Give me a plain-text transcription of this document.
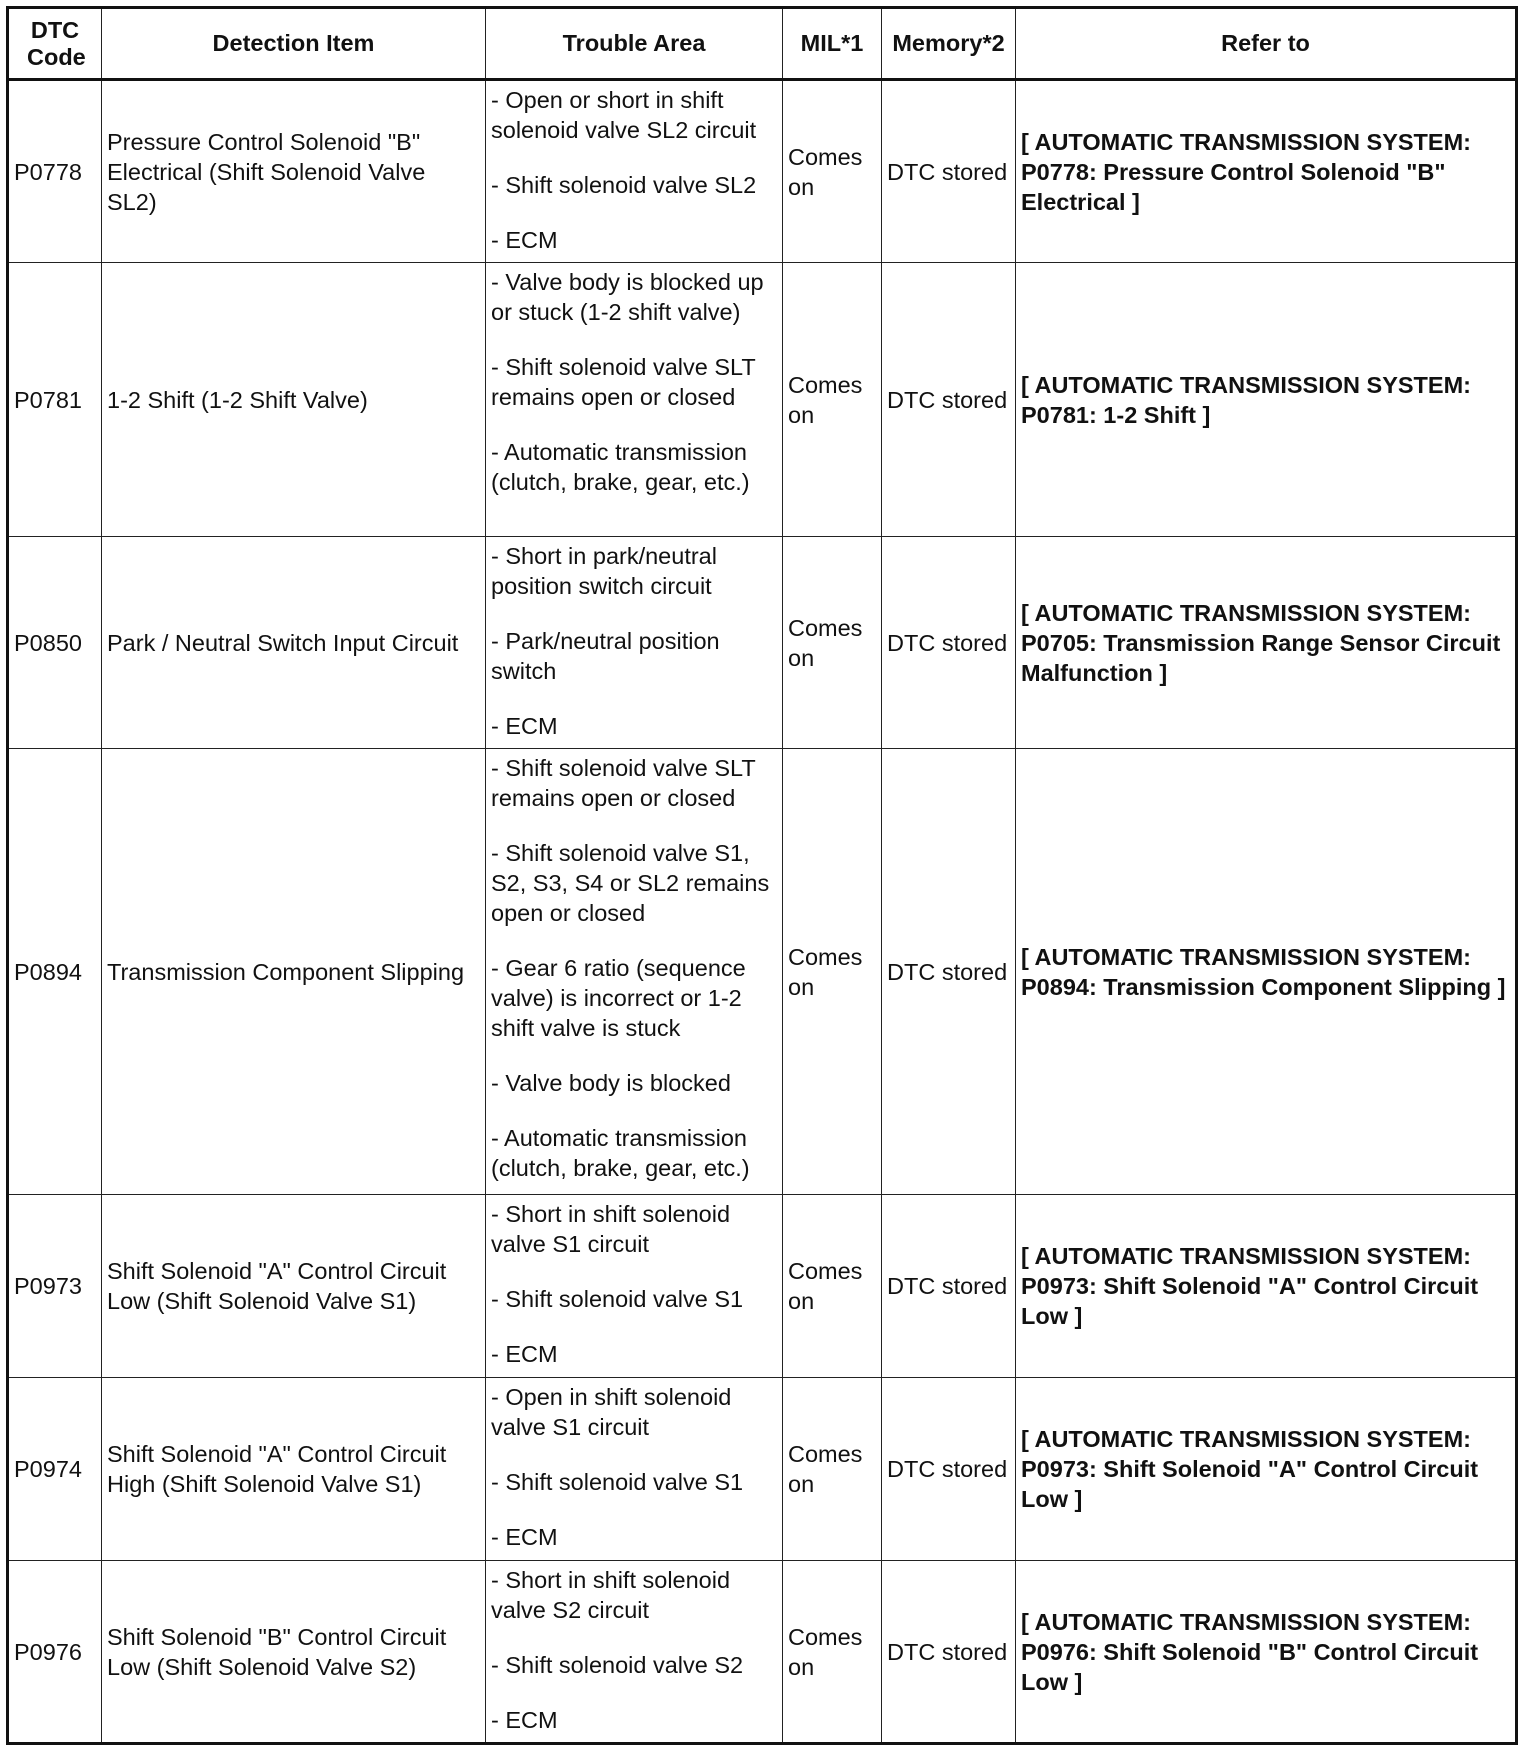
DTC Code	Detection Item	Trouble Area	MIL*1	Memory*2	Refer to
P0778	Pressure Control Solenoid "B" Electrical (Shift Solenoid Valve SL2)	- Open or short in shift solenoid valve SL2 circuit
- Shift solenoid valve SL2
- ECM	Comes on	DTC stored	[ AUTOMATIC TRANSMISSION SYSTEM: P0778: Pressure Control Solenoid "B" Electrical ]
P0781	1-2 Shift (1-2 Shift Valve)	- Valve body is blocked up or stuck (1-2 shift valve)
- Shift solenoid valve SLT remains open or closed
- Automatic transmission (clutch, brake, gear, etc.)	Comes on	DTC stored	[ AUTOMATIC TRANSMISSION SYSTEM: P0781: 1-2 Shift ]
P0850	Park / Neutral Switch Input Circuit	- Short in park/neutral position switch circuit
- Park/neutral position switch
- ECM	Comes on	DTC stored	[ AUTOMATIC TRANSMISSION SYSTEM: P0705: Transmission Range Sensor Circuit Malfunction ]
P0894	Transmission Component Slipping	- Shift solenoid valve SLT remains open or closed
- Shift solenoid valve S1, S2, S3, S4 or SL2 remains open or closed
- Gear 6 ratio (sequence valve) is incorrect or 1-2 shift valve is stuck
- Valve body is blocked
- Automatic transmission (clutch, brake, gear, etc.)	Comes on	DTC stored	[ AUTOMATIC TRANSMISSION SYSTEM: P0894: Transmission Component Slipping ]
P0973	Shift Solenoid "A" Control Circuit Low (Shift Solenoid Valve S1)	- Short in shift solenoid valve S1 circuit
- Shift solenoid valve S1
- ECM	Comes on	DTC stored	[ AUTOMATIC TRANSMISSION SYSTEM: P0973: Shift Solenoid "A" Control Circuit Low ]
P0974	Shift Solenoid "A" Control Circuit High (Shift Solenoid Valve S1)	- Open in shift solenoid valve S1 circuit
- Shift solenoid valve S1
- ECM	Comes on	DTC stored	[ AUTOMATIC TRANSMISSION SYSTEM: P0973: Shift Solenoid "A" Control Circuit Low ]
P0976	Shift Solenoid "B" Control Circuit Low (Shift Solenoid Valve S2)	- Short in shift solenoid valve S2 circuit
- Shift solenoid valve S2
- ECM	Comes on	DTC stored	[ AUTOMATIC TRANSMISSION SYSTEM: P0976: Shift Solenoid "B" Control Circuit Low ]
